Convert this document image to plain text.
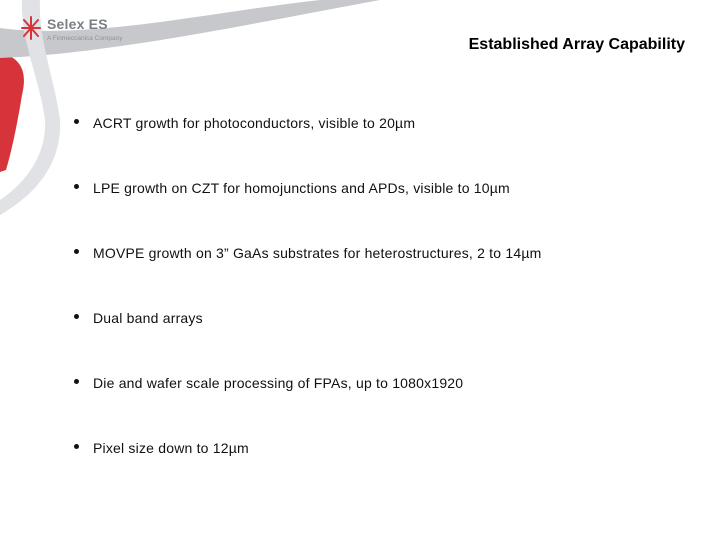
Selex ES
A Finmeccanica Company	Established Array Capability
ACRT growth for photoconductors, visible to 20µm
LPE growth on CZT for homojunctions and APDs, visible to 10µm
MOVPE growth on 3” GaAs substrates for heterostructures, 2 to 14µm
Dual band arrays
Die and wafer scale processing of FPAs, up to 1080x1920
Pixel size down to 12µm
